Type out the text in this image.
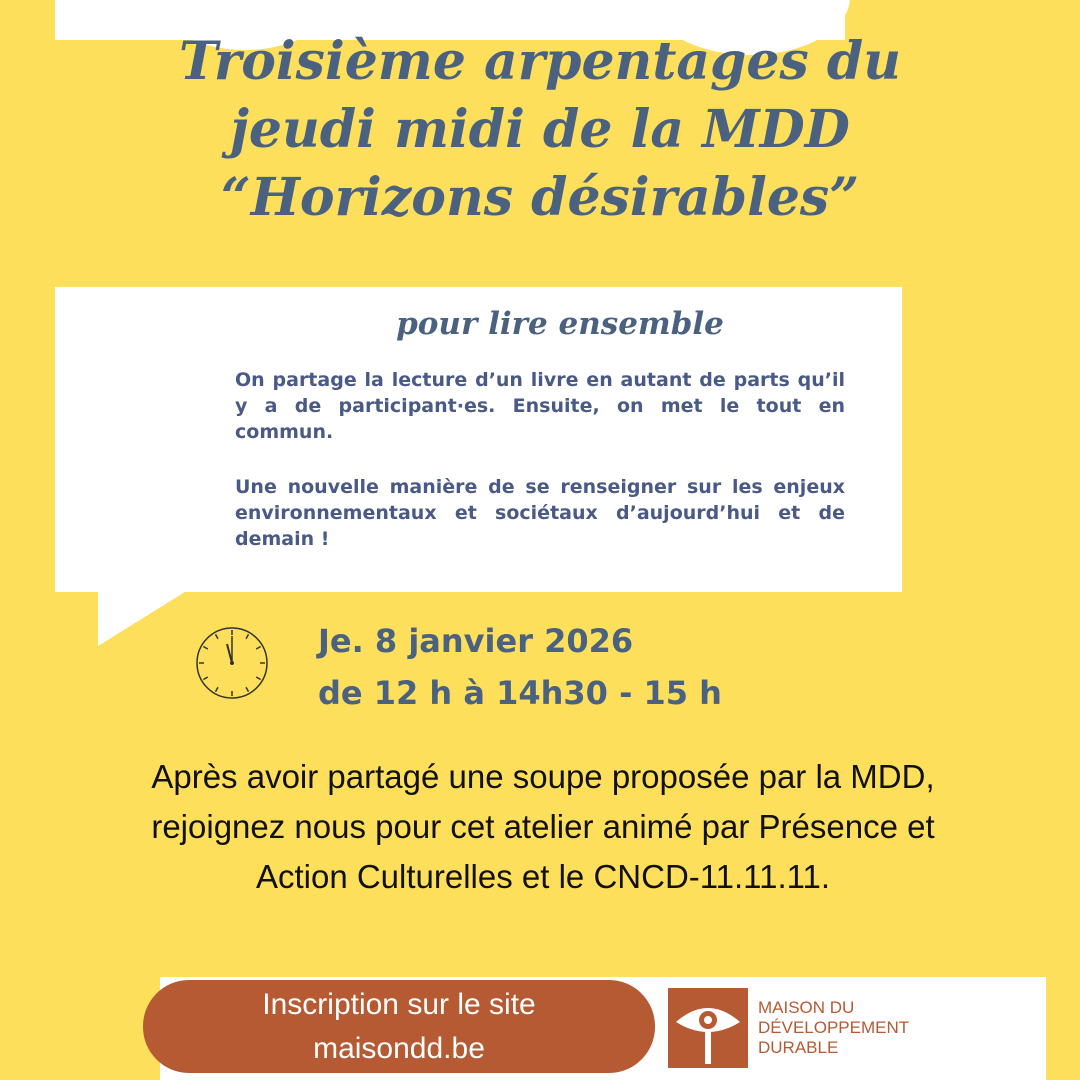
Troisième arpentages du
jeudi midi de la MDD
“Horizons désirables”
pour lire ensemble

On partage la lecture d’un livre en autant de parts qu’il y a de participant·es. Ensuite, on met le tout en commun.

Une nouvelle manière de se renseigner sur les enjeux environnementaux et sociétaux d’aujourd’hui et de demain !

Je. 8 janvier 2026

de 12 h à 14h30 - 15 h

Après avoir partagé une soupe proposée par la MDD, rejoignez nous pour cet atelier animé par Présence et Action Culturelles et le CNCD-11.11.11.

Inscription sur le site
maisondd.be

MAISON DU
DÉVELOPPEMENT
DURABLE
